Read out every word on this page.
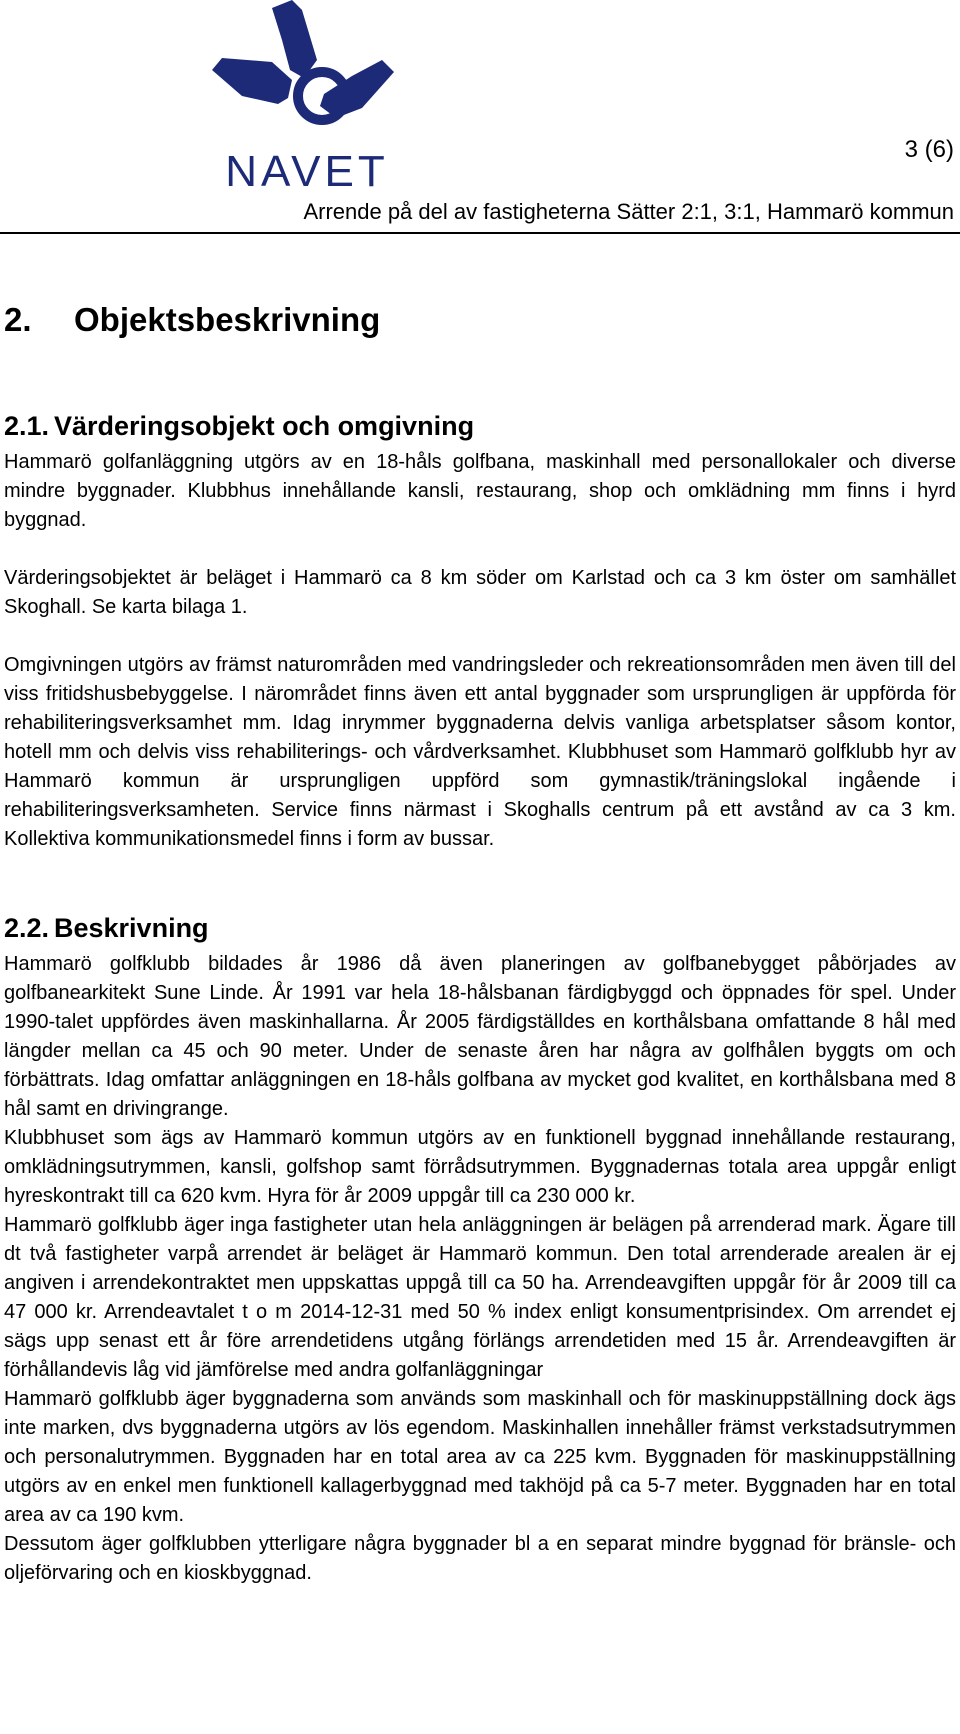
NAVET	3 (6)
Arrende på del av fastigheterna Sätter 2:1, 3:1, Hammarö kommun
2. Objektsbeskrivning
2.1. Värderingsobjekt och omgivning

Hammarö golfanläggning utgörs av en 18-håls golfbana, maskinhall med personallokaler och diverse mindre byggnader. Klubbhus innehållande kansli, restaurang, shop och omklädning mm finns i hyrd byggnad.

Värderingsobjektet är beläget i Hammarö ca 8 km söder om Karlstad och ca 3 km öster om samhället Skoghall. Se karta bilaga 1.

Omgivningen utgörs av främst naturområden med vandringsleder och rekreationsområden men även till del viss fritidshusbebyggelse. I närområdet finns även ett antal byggnader som ursprungligen är uppförda för rehabiliteringsverksamhet mm. Idag inrymmer byggnaderna delvis vanliga arbetsplatser såsom kontor, hotell mm och delvis viss rehabiliterings- och vårdverksamhet. Klubbhuset som Hammarö golfklubb hyr av Hammarö kommun är ursprungligen uppförd som gymnastik/träningslokal ingående i rehabiliteringsverksamheten. Service finns närmast i Skoghalls centrum på ett avstånd av ca 3 km. Kollektiva kommunikationsmedel finns i form av bussar.

2.2. Beskrivning

Hammarö golfklubb bildades år 1986 då även planeringen av golfbanebygget påbörjades av golfbanearkitekt Sune Linde. År 1991 var hela 18-hålsbanan färdigbyggd och öppnades för spel. Under 1990-talet uppfördes även maskinhallarna. År 2005 färdigställdes en korthålsbana omfattande 8 hål med längder mellan ca 45 och 90 meter. Under de senaste åren har några av golfhålen byggts om och förbättrats. Idag omfattar anläggningen en 18-håls golfbana av mycket god kvalitet, en korthålsbana med 8 hål samt en drivingrange.

Klubbhuset som ägs av Hammarö kommun utgörs av en funktionell byggnad innehållande restaurang, omklädningsutrymmen, kansli, golfshop samt förrådsutrymmen. Byggnadernas totala area uppgår enligt hyreskontrakt till ca 620 kvm. Hyra för år 2009 uppgår till ca 230 000 kr.

Hammarö golfklubb äger inga fastigheter utan hela anläggningen är belägen på arrenderad mark. Ägare till dt två fastigheter varpå arrendet är beläget är Hammarö kommun. Den total arrenderade arealen är ej angiven i arrendekontraktet men uppskattas uppgå till ca 50 ha. Arrendeavgiften uppgår för år 2009 till ca 47 000 kr. Arrendeavtalet t o m 2014-12-31 med 50 % index enligt konsumentprisindex. Om arrendet ej sägs upp senast ett år före arrendetidens utgång förlängs arrendetiden med 15 år. Arrendeavgiften är förhållandevis låg vid jämförelse med andra golfanläggningar

Hammarö golfklubb äger byggnaderna som används som maskinhall och för maskinuppställning dock ägs inte marken, dvs byggnaderna utgörs av lös egendom. Maskinhallen innehåller främst verkstadsutrymmen och personalutrymmen. Byggnaden har en total area av ca 225 kvm. Byggnaden för maskinuppställning utgörs av en enkel men funktionell kallagerbyggnad med takhöjd på ca 5-7 meter. Byggnaden har en total area av ca 190 kvm.

Dessutom äger golfklubben ytterligare några byggnader bl a en separat mindre byggnad för bränsle- och oljeförvaring och en kioskbyggnad.
